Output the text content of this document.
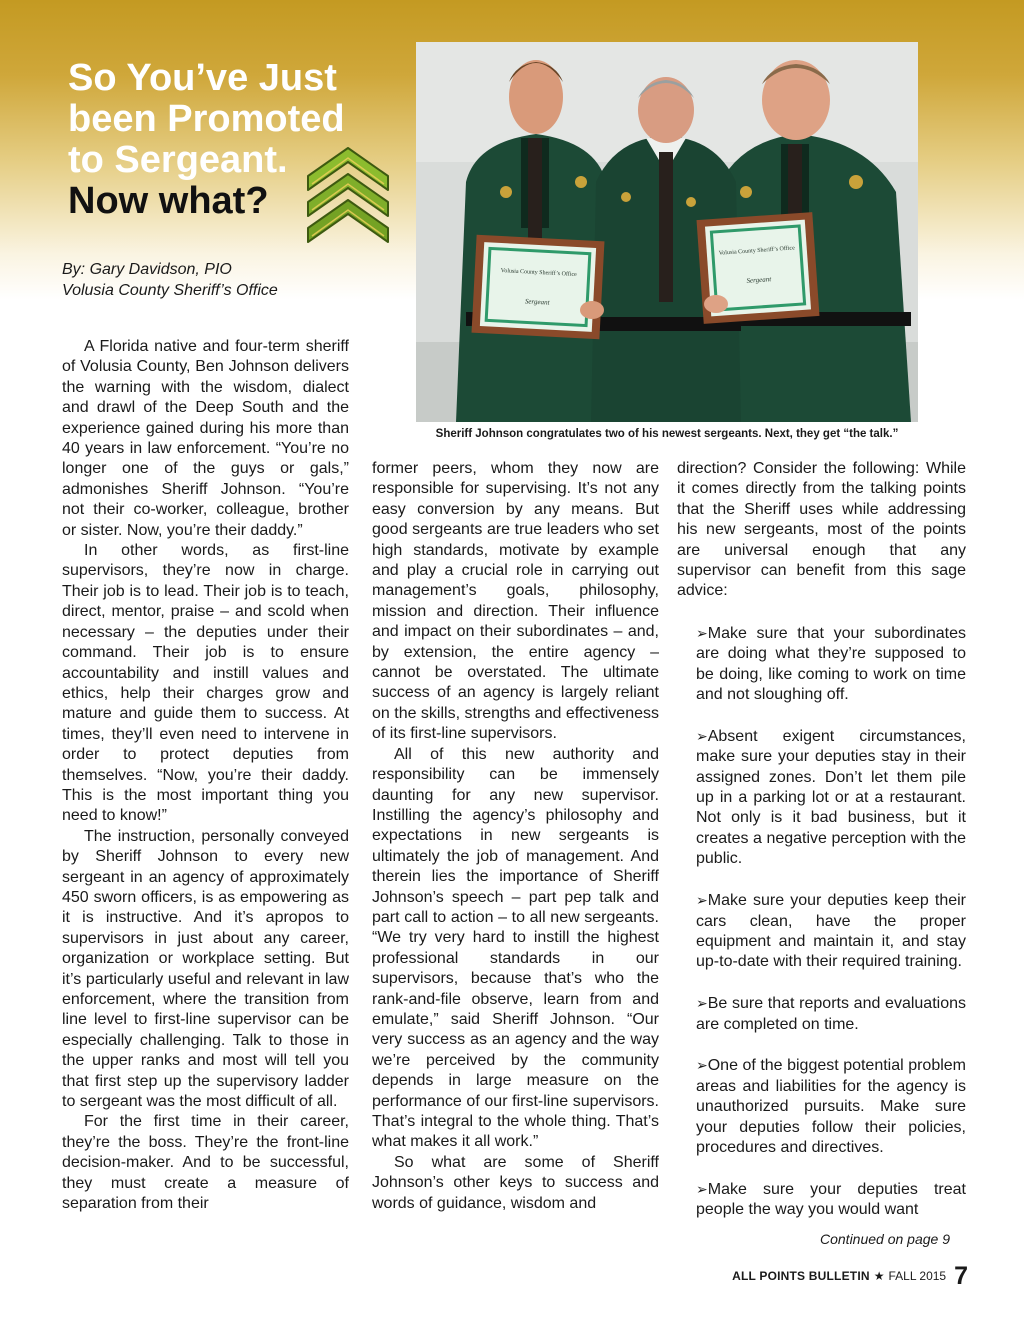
So You’ve Just
been Promoted
to Sergeant.
Now what?
By: Gary Davidson, PIO
Volusia County Sheriff’s Office
Volusia County Sheriff’s Office
Sergeant
Volusia County Sheriff’s Office
Sergeant
Sheriff Johnson congratulates two of his newest sergeants. Next, they get “the talk.”

A Florida native and four-term sheriff of Volusia County, Ben Johnson delivers the warning with the wisdom, dialect and drawl of the Deep South and the experience gained during his more than 40 years in law enforcement. “You’re no longer one of the guys or gals,” admonishes Sheriff Johnson. “You’re not their co-worker, colleague, brother or sister. Now, you’re their daddy.”

In other words, as first-line supervisors, they’re now in charge. Their job is to lead. Their job is to teach, direct, mentor, praise – and scold when necessary – the deputies under their command. Their job is to ensure accountability and instill values and ethics, help their charges grow and mature and guide them to success. At times, they’ll even need to intervene in order to protect deputies from themselves. “Now, you’re their daddy. This is the most important thing you need to know!”

The instruction, personally conveyed by Sheriff Johnson to every new sergeant in an agency of approximately 450 sworn officers, is as empowering as it is instructive. And it’s apropos to supervisors in just about any career, organization or workplace setting. But it’s particularly useful and relevant in law enforcement, where the transition from line level to first-line supervisor can be especially challenging. Talk to those in the upper ranks and most will tell you that first step up the supervisory ladder to sergeant was the most difficult of all.

For the first time in their career, they’re the boss. They’re the front-line decision-maker. And to be successful, they must create a measure of separation from their

former peers, whom they now are responsible for supervising. It’s not any easy conversion by any means. But good sergeants are true leaders who set high standards, motivate by example and play a crucial role in carrying out management’s goals, philosophy, mission and direction. Their influence and impact on their subordinates – and, by extension, the entire agency – cannot be overstated. The ultimate success of an agency is largely reliant on the skills, strengths and effectiveness of its first-line supervisors.

All of this new authority and responsibility can be immensely daunting for any new supervisor. Instilling the agency’s philosophy and expectations in new sergeants is ultimately the job of management. And therein lies the importance of Sheriff Johnson’s speech – part pep talk and part call to action – to all new sergeants. “We try very hard to instill the highest professional standards in our supervisors, because that’s who the rank-and-file observe, learn from and emulate,” said Sheriff Johnson. “Our very success as an agency and the way we’re perceived by the community depends in large measure on the performance of our first-line supervisors. That’s integral to the whole thing. That’s what makes it all work.”

So what are some of Sheriff Johnson’s other keys to success and words of guidance, wisdom and

direction? Consider the following: While it comes directly from the talking points that the Sheriff uses while addressing his new sergeants, most of the points are universal enough that any supervisor can benefit from this sage advice:

➢Make sure that your subordinates are doing what they’re supposed to be doing, like coming to work on time and not sloughing off.
➢Absent exigent circumstances, make sure your deputies stay in their assigned zones. Don’t let them pile up in a parking lot or at a restaurant. Not only is it bad business, but it creates a negative perception with the public.
➢Make sure your deputies keep their cars clean, have the proper equipment and maintain it, and stay up-to-date with their required training.
➢Be sure that reports and evaluations are completed on time.
➢One of the biggest potential problem areas and liabilities for the agency is unauthorized pursuits. Make sure your deputies follow their policies, procedures and directives.
➢Make sure your deputies treat people the way you would want
Continued on page 9
ALL POINTS BULLETIN ★ FALL 2015 7
